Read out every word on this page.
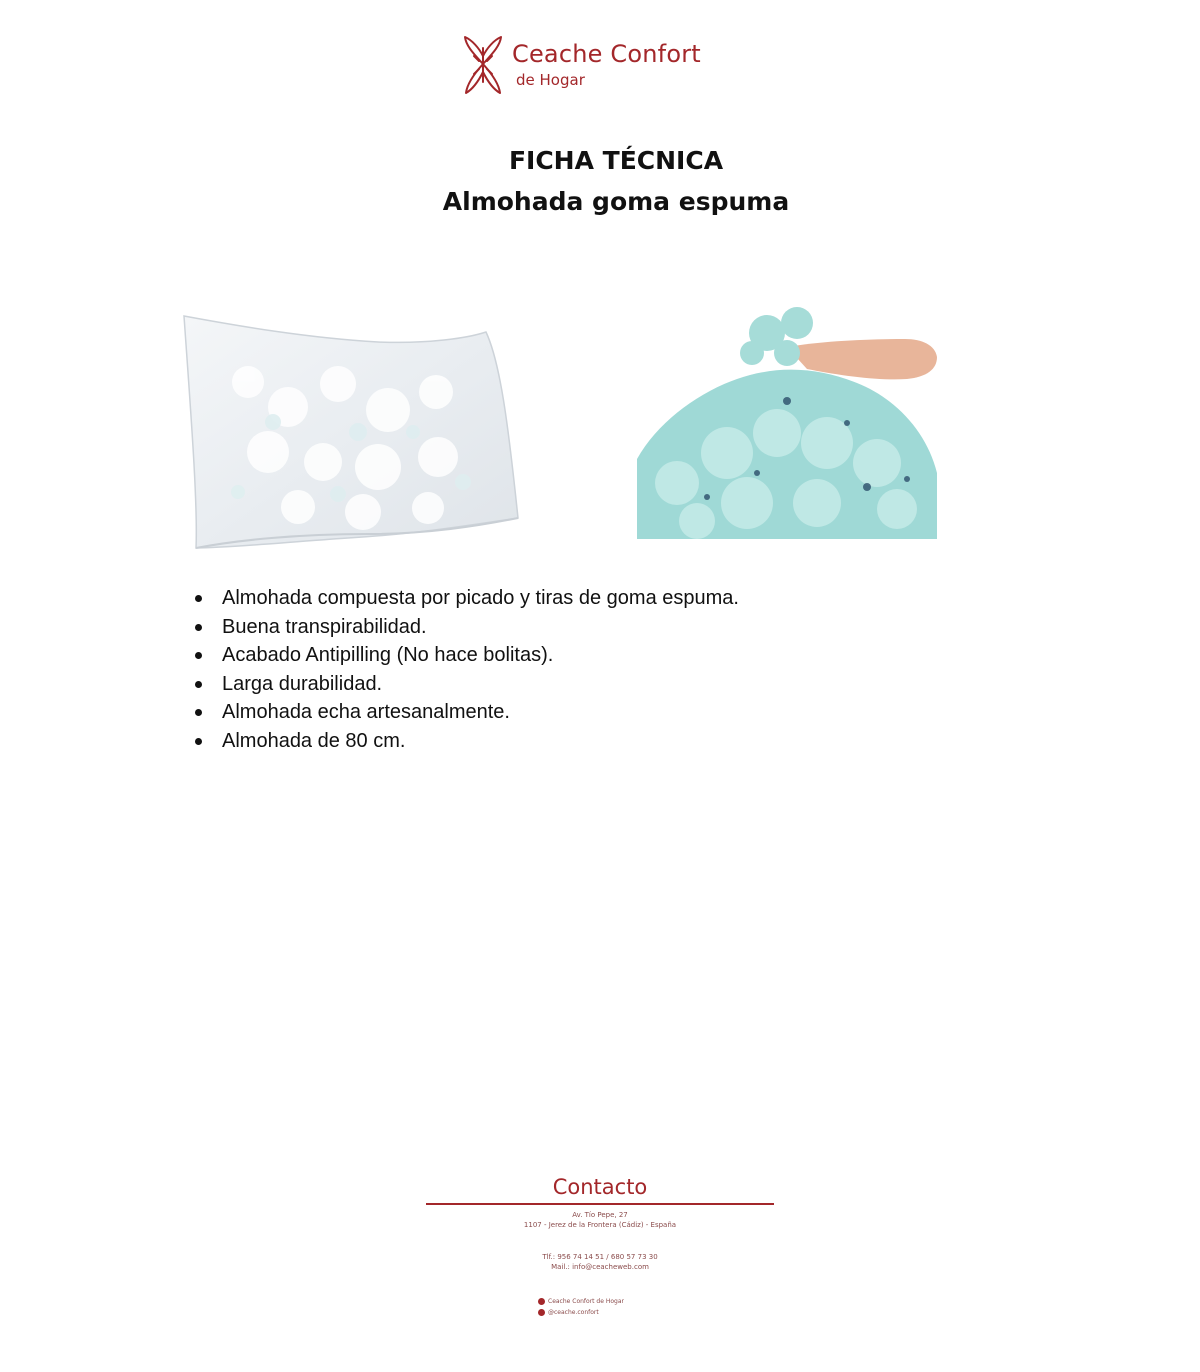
Ceache Confort
de Hogar
FICHA TÉCNICA
Almohada goma espuma
Almohada compuesta por picado y tiras de goma espuma.
Buena transpirabilidad.
Acabado Antipilling (No hace bolitas).
Larga durabilidad.
Almohada echa artesanalmente.
Almohada de 80 cm.
Contacto
Av. Tío Pepe, 27
1107 - Jerez de la Frontera (Cádiz) - España
Tlf.: 956 74 14 51 / 680 57 73 30
Mail.: info@ceacheweb.com
Ceache Confort de Hogar
@ceache.confort
